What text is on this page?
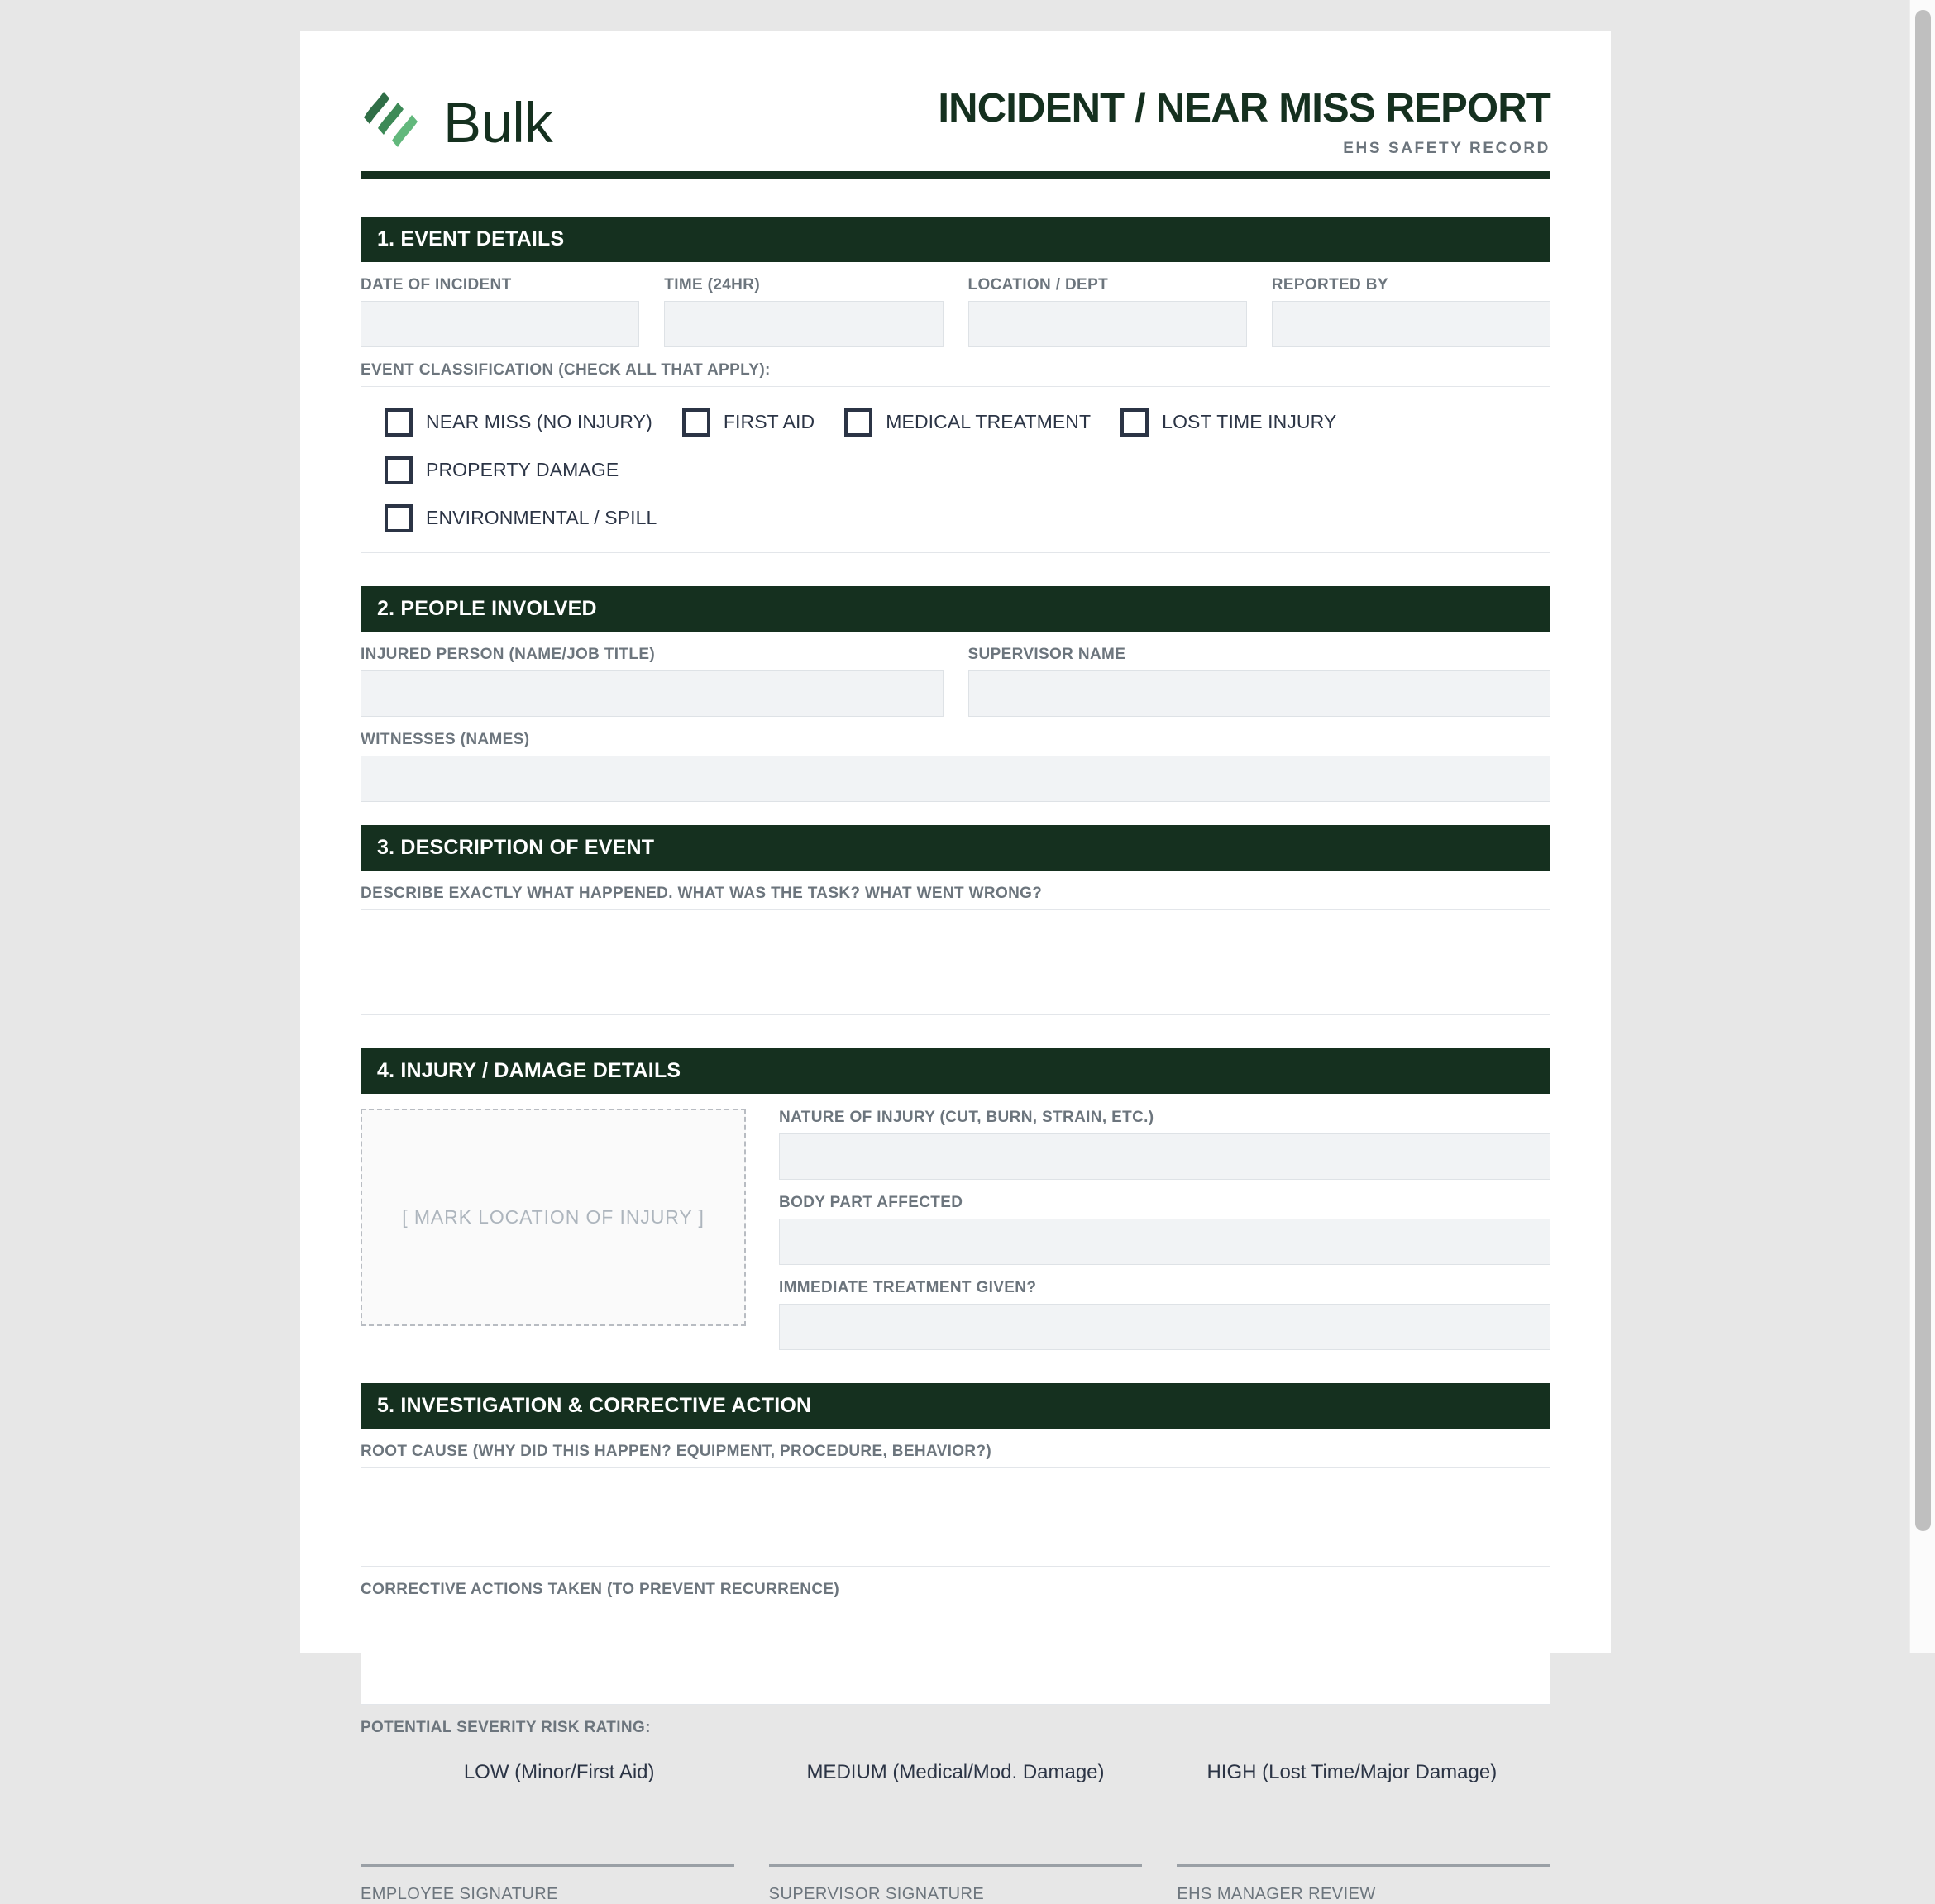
Bulk	INCIDENT / NEAR MISS REPORT
EHS SAFETY RECORD
1. EVENT DETAILS
DATE OF INCIDENT	TIME (24HR)	LOCATION / DEPT	REPORTED BY
EVENT CLASSIFICATION (CHECK ALL THAT APPLY):
NEAR MISS (NO INJURY)	FIRST AID	MEDICAL TREATMENT	LOST TIME INJURY
PROPERTY DAMAGE
ENVIRONMENTAL / SPILL
2. PEOPLE INVOLVED
INJURED PERSON (NAME/JOB TITLE)	SUPERVISOR NAME
WITNESSES (NAMES)
3. DESCRIPTION OF EVENT
DESCRIBE EXACTLY WHAT HAPPENED. WHAT WAS THE TASK? WHAT WENT WRONG?
4. INJURY / DAMAGE DETAILS
[ MARK LOCATION OF INJURY ]
NATURE OF INJURY (CUT, BURN, STRAIN, ETC.)
BODY PART AFFECTED
IMMEDIATE TREATMENT GIVEN?
5. INVESTIGATION & CORRECTIVE ACTION
ROOT CAUSE (WHY DID THIS HAPPEN? EQUIPMENT, PROCEDURE, BEHAVIOR?)
CORRECTIVE ACTIONS TAKEN (TO PREVENT RECURRENCE)
POTENTIAL SEVERITY RISK RATING:
LOW (Minor/First Aid)	MEDIUM (Medical/Mod. Damage)	HIGH (Lost Time/Major Damage)
EMPLOYEE SIGNATURE	SUPERVISOR SIGNATURE	EHS MANAGER REVIEW
